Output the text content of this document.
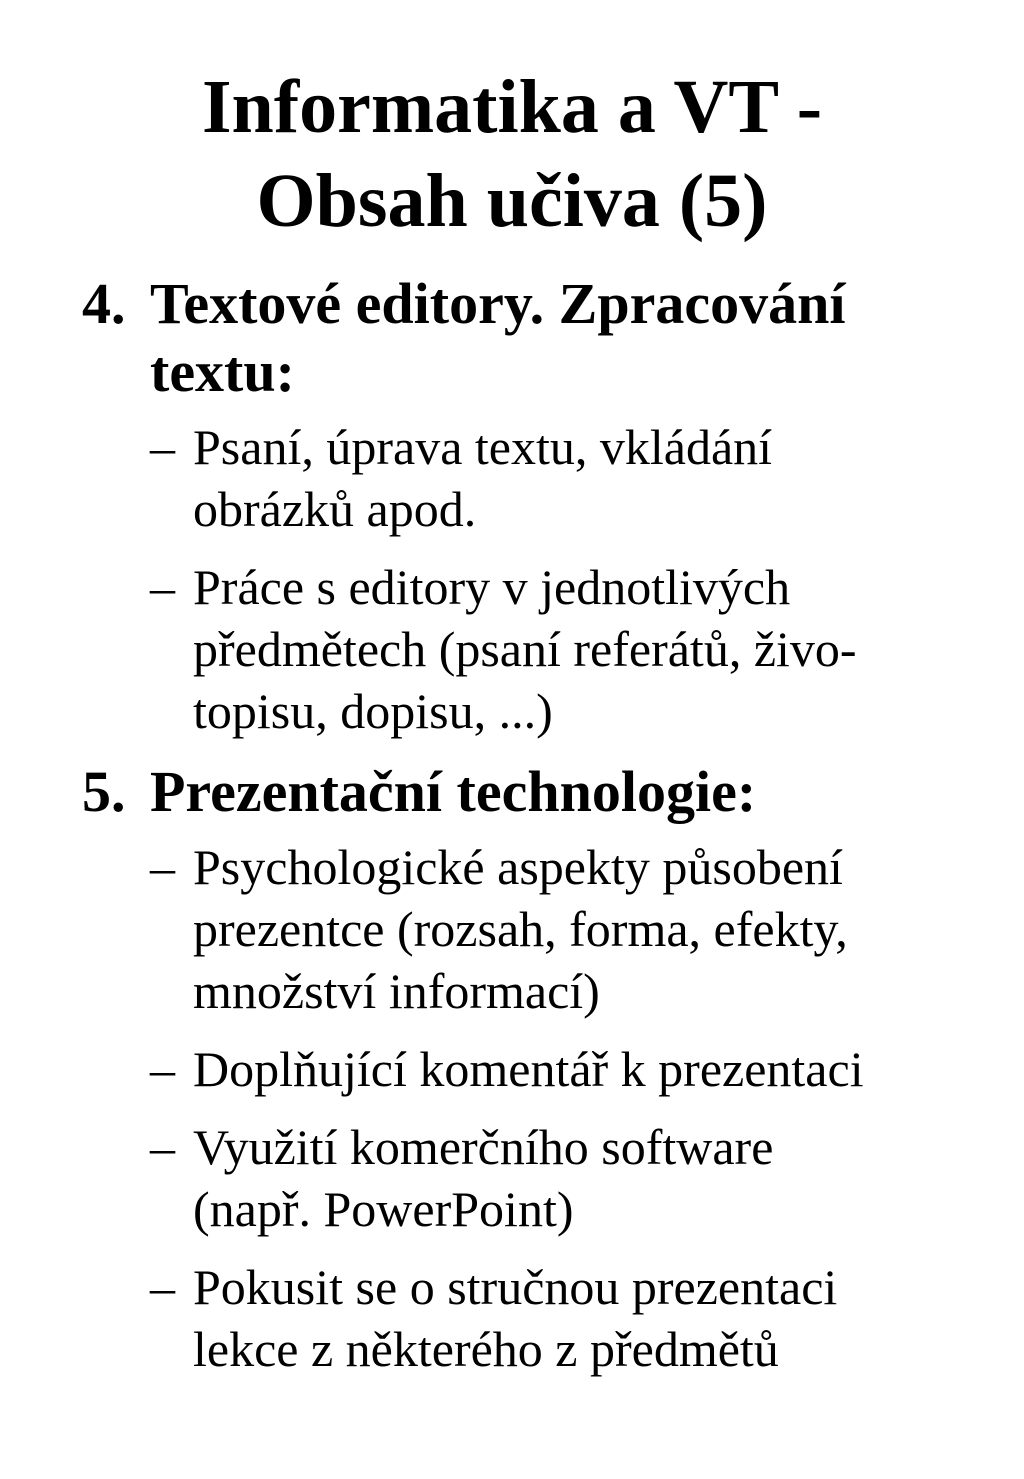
Informatika a VT -
Obsah učiva (5)
4. Textové editory. Zpracování
textu:
– Psaní, úprava textu, vkládání
obrázků apod.
– Práce s editory v jednotlivých
předmětech (psaní referátů, živo-
topisu, dopisu, ...)
5. Prezentační technologie:
– Psychologické aspekty působení
prezentce (rozsah, forma, efekty,
množství informací)
– Doplňující komentář k prezentaci
– Využití komerčního software
(např. PowerPoint)
– Pokusit se o stručnou prezentaci
lekce z některého z předmětů
